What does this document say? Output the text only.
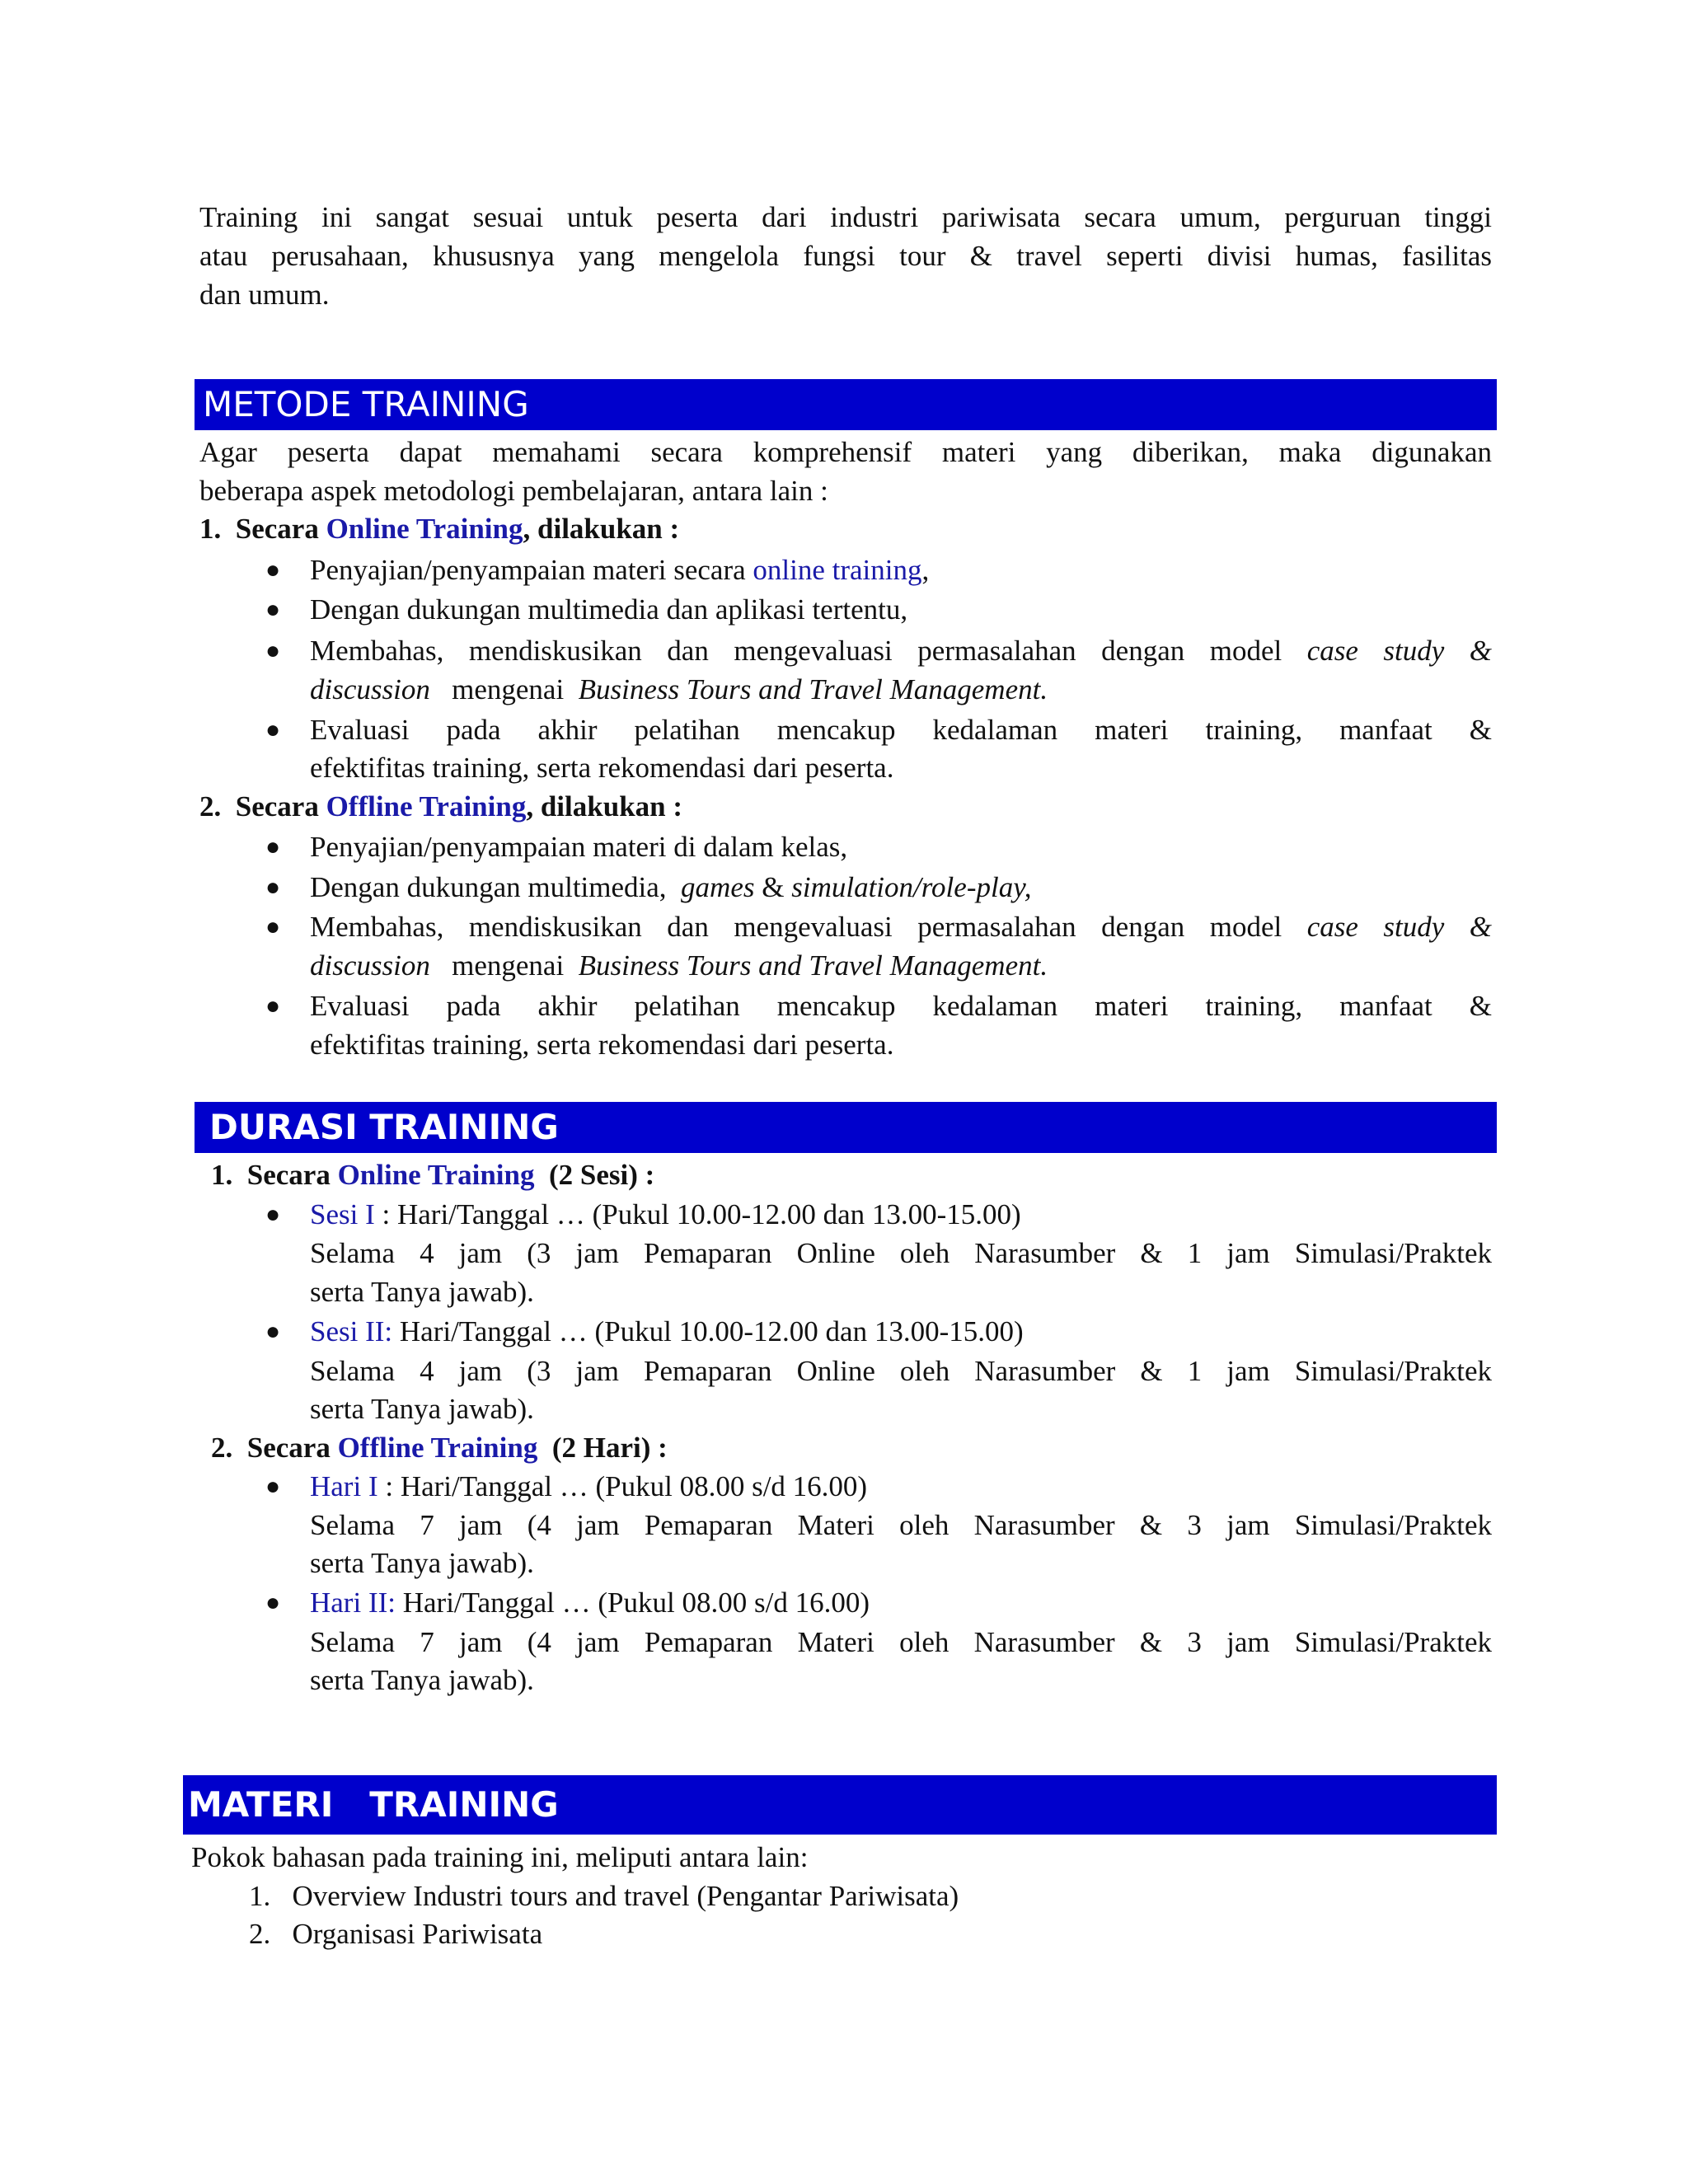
Training ini sangat sesuai untuk peserta dari industri pariwisata secara umum, perguruan tinggi
atau perusahaan, khususnya yang mengelola fungsi tour & travel seperti divisi humas, fasilitas
dan umum.
METODE TRAINING
Agar peserta dapat memahami secara komprehensif materi yang diberikan, maka digunakan
beberapa aspek metodologi pembelajaran, antara lain :
1. Secara Online Training, dilakukan :
● Penyajian/penyampaian materi secara online training,
● Dengan dukungan multimedia dan aplikasi tertentu,
● Membahas, mendiskusikan dan mengevaluasi permasalahan dengan model case study &
discussion mengenai Business Tours and Travel Management.
● Evaluasi pada akhir pelatihan mencakup kedalaman materi training, manfaat &
efektifitas training, serta rekomendasi dari peserta.
2. Secara Offline Training, dilakukan :
● Penyajian/penyampaian materi di dalam kelas,
● Dengan dukungan multimedia, games & simulation/role-play,
● Membahas, mendiskusikan dan mengevaluasi permasalahan dengan model case study &
discussion mengenai Business Tours and Travel Management.
● Evaluasi pada akhir pelatihan mencakup kedalaman materi training, manfaat &
efektifitas training, serta rekomendasi dari peserta.
DURASI TRAINING
1. Secara Online Training (2 Sesi) :
● Sesi I : Hari/Tanggal … (Pukul 10.00-12.00 dan 13.00-15.00)
Selama 4 jam (3 jam Pemaparan Online oleh Narasumber & 1 jam Simulasi/Praktek
serta Tanya jawab).
● Sesi II: Hari/Tanggal … (Pukul 10.00-12.00 dan 13.00-15.00)
Selama 4 jam (3 jam Pemaparan Online oleh Narasumber & 1 jam Simulasi/Praktek
serta Tanya jawab).
2. Secara Offline Training (2 Hari) :
● Hari I : Hari/Tanggal … (Pukul 08.00 s/d 16.00)
Selama 7 jam (4 jam Pemaparan Materi oleh Narasumber & 3 jam Simulasi/Praktek
serta Tanya jawab).
● Hari II: Hari/Tanggal … (Pukul 08.00 s/d 16.00)
Selama 7 jam (4 jam Pemaparan Materi oleh Narasumber & 3 jam Simulasi/Praktek
serta Tanya jawab).
MATERI   TRAINING
Pokok bahasan pada training ini, meliputi antara lain:
1. Overview Industri tours and travel (Pengantar Pariwisata)
2. Organisasi Pariwisata
